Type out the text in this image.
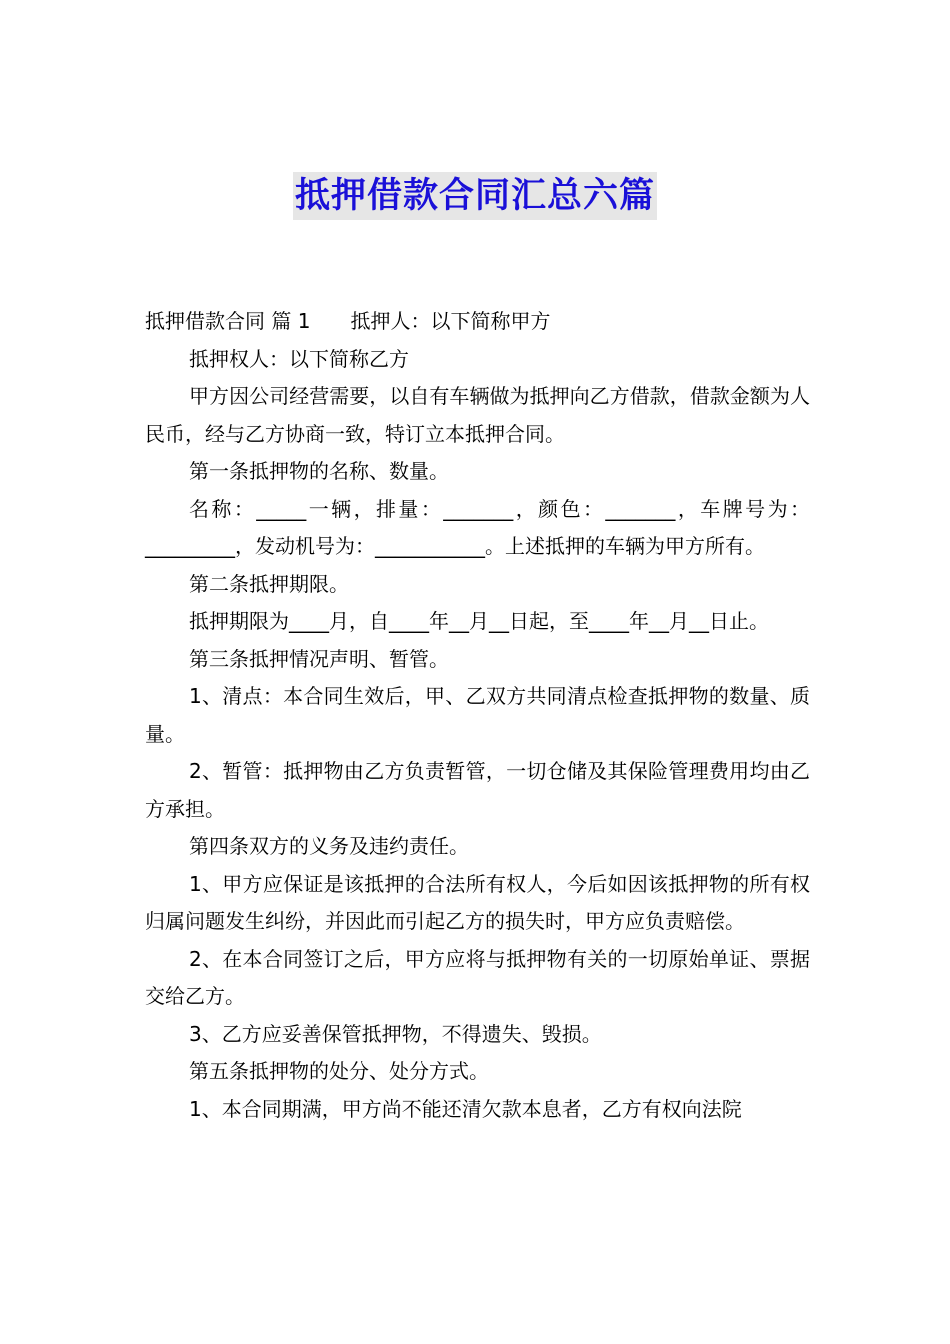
抵押借款合同汇总六篇

抵押借款合同 篇 1 抵押人：以下简称甲方

抵押权人：以下简称乙方

甲方因公司经营需要，以自有车辆做为抵押向乙方借款，借款金额为人民币，经与乙方协商一致，特订立本抵押合同。

第一条抵押物的名称、数量。

名称：_____一辆，排量：_______，颜色：_______，车牌号为：_________，发动机号为：___________。上述抵押的车辆为甲方所有。

第二条抵押期限。

抵押期限为____月，自____年__月__日起，至____年__月__日止。

第三条抵押情况声明、暂管。

1、清点：本合同生效后，甲、乙双方共同清点检查抵押物的数量、质量。

2、暂管：抵押物由乙方负责暂管，一切仓储及其保险管理费用均由乙方承担。

第四条双方的义务及违约责任。

1、甲方应保证是该抵押的合法所有权人，今后如因该抵押物的所有权归属问题发生纠纷，并因此而引起乙方的损失时，甲方应负责赔偿。

2、在本合同签订之后，甲方应将与抵押物有关的一切原始单证、票据交给乙方。

3、乙方应妥善保管抵押物，不得遗失、毁损。

第五条抵押物的处分、处分方式。

1、本合同期满，甲方尚不能还清欠款本息者，乙方有权向法院
